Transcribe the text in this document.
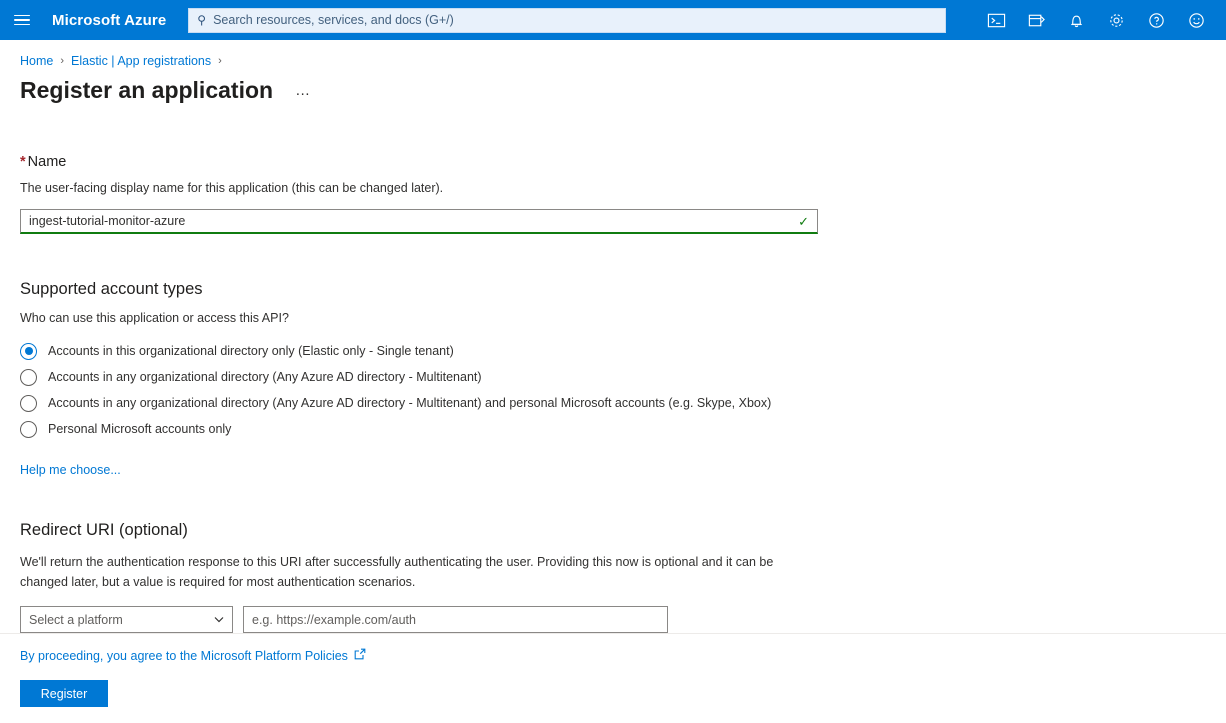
Microsoft Azure	⚲
Search resources, services, and docs (G+/)
Home › Elastic | App registrations ›
Register an application …
* Name
The user-facing display name for this application (this can be changed later).
ingest-tutorial-monitor-azure
✓
Supported account types
Who can use this application or access this API?
Accounts in this organizational directory only (Elastic only - Single tenant)
Accounts in any organizational directory (Any Azure AD directory - Multitenant)
Accounts in any organizational directory (Any Azure AD directory - Multitenant) and personal Microsoft accounts (e.g. Skype, Xbox)
Personal Microsoft accounts only
Help me choose...
Redirect URI (optional)
We'll return the authentication response to this URI after successfully authenticating the user. Providing this now is optional and it can be changed later, but a value is required for most authentication scenarios.
Select a platform
e.g. https://example.com/auth
By proceeding, you agree to the Microsoft Platform Policies
Register
